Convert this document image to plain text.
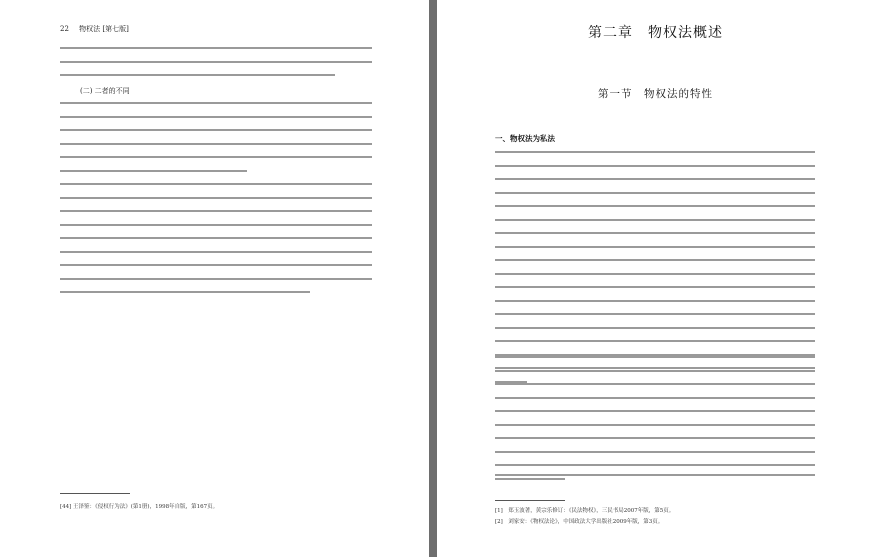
22 物权法 [第七版]
(二) 二者的不同
[44] 王泽鉴：《侵权行为法》(第1册)，1998年自版，第167页。
第二章　物权法概述
第一节　物权法的特性
一、物权法为私法
[1]　郑玉波著，黄宗乐修订：《民法物权》，三民书局2007年版，第5页。
[2]　刘家安：《物权法论》，中国政法大学出版社2009年版，第3页。
